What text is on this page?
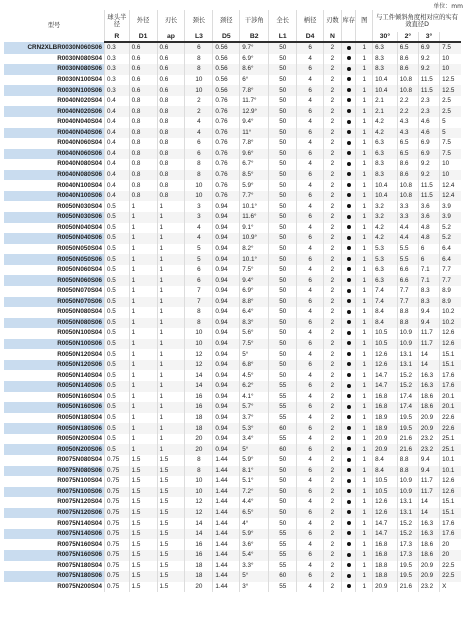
单位：mm
型号	球头半径	外径	刃长	颈长	颈径	干涉角	全长	柄径	刃数	库存	图	与工件倾斜角度相对应的实有效直径D			
	R	D1	ap	L3	D5	B2	L1	D4	N			30°	2°	3°	
CRN2XLBR0030N060S06	0.3	0.6	0.6	6	0.56	9.7°	50	6	2		1	6.3	6.5	6.9	7.5
R0030N080S04	0.3	0.6	0.6	8	0.56	6.9°	50	4	2		1	8.3	8.6	9.2	10
R0030N080S06	0.3	0.6	0.6	8	0.56	8.6°	50	6	2		1	8.3	8.6	9.2	10
R0030N100S04	0.3	0.6	0.6	10	0.56	6°	50	4	2		1	10.4	10.8	11.5	12.5
R0030N100S06	0.3	0.6	0.6	10	0.56	7.8°	50	6	2		1	10.4	10.8	11.5	12.5
R0040N020S04	0.4	0.8	0.8	2	0.76	11.7°	50	4	2		1	2.1	2.2	2.3	2.5
R0040N020S06	0.4	0.8	0.8	2	0.76	12.9°	50	6	2		1	2.1	2.2	2.3	2.5
R0040N040S04	0.4	0.8	0.8	4	0.76	9.4°	50	4	2		1	4.2	4.3	4.6	5
R0040N040S06	0.4	0.8	0.8	4	0.76	11°	50	6	2		1	4.2	4.3	4.6	5
R0040N060S04	0.4	0.8	0.8	6	0.76	7.8°	50	4	2		1	6.3	6.5	6.9	7.5
R0040N060S06	0.4	0.8	0.8	6	0.76	9.6°	50	6	2		1	6.3	6.5	6.9	7.5
R0040N080S04	0.4	0.8	0.8	8	0.76	6.7°	50	4	2		1	8.3	8.6	9.2	10
R0040N080S06	0.4	0.8	0.8	8	0.76	8.5°	50	6	2		1	8.3	8.6	9.2	10
R0040N100S04	0.4	0.8	0.8	10	0.76	5.9°	50	4	2		1	10.4	10.8	11.5	12.4
R0040N100S06	0.4	0.8	0.8	10	0.76	7.7°	50	6	2		1	10.4	10.8	11.5	12.4
R0050N030S04	0.5	1	1	3	0.94	10.1°	50	4	2		1	3.2	3.3	3.6	3.9
R0050N030S06	0.5	1	1	3	0.94	11.6°	50	6	2		1	3.2	3.3	3.6	3.9
R0050N040S04	0.5	1	1	4	0.94	9.1°	50	4	2		1	4.2	4.4	4.8	5.2
R0050N040S06	0.5	1	1	4	0.94	10.9°	50	6	2		1	4.2	4.4	4.8	5.2
R0050N050S04	0.5	1	1	5	0.94	8.2°	50	4	2		1	5.3	5.5	6	6.4
R0050N050S06	0.5	1	1	5	0.94	10.1°	50	6	2		1	5.3	5.5	6	6.4
R0050N060S04	0.5	1	1	6	0.94	7.5°	50	4	2		1	6.3	6.6	7.1	7.7
R0050N060S06	0.5	1	1	6	0.94	9.4°	50	6	2		1	6.3	6.6	7.1	7.7
R0050N070S04	0.5	1	1	7	0.94	6.9°	50	4	2		1	7.4	7.7	8.3	8.9
R0050N070S06	0.5	1	1	7	0.94	8.8°	50	6	2		1	7.4	7.7	8.3	8.9
R0050N080S04	0.5	1	1	8	0.94	6.4°	50	4	2		1	8.4	8.8	9.4	10.2
R0050N080S06	0.5	1	1	8	0.94	8.3°	50	6	2		1	8.4	8.8	9.4	10.2
R0050N100S04	0.5	1	1	10	0.94	5.6°	50	4	2		1	10.5	10.9	11.7	12.6
R0050N100S06	0.5	1	1	10	0.94	7.5°	50	6	2		1	10.5	10.9	11.7	12.6
R0050N120S04	0.5	1	1	12	0.94	5°	50	4	2		1	12.6	13.1	14	15.1
R0050N120S06	0.5	1	1	12	0.94	6.8°	50	6	2		1	12.6	13.1	14	15.1
R0050N140S04	0.5	1	1	14	0.94	4.5°	50	4	2		1	14.7	15.2	16.3	17.6
R0050N140S06	0.5	1	1	14	0.94	6.2°	55	6	2		1	14.7	15.2	16.3	17.6
R0050N160S04	0.5	1	1	16	0.94	4.1°	55	4	2		1	16.8	17.4	18.6	20.1
R0050N160S06	0.5	1	1	16	0.94	5.7°	55	6	2		1	16.8	17.4	18.6	20.1
R0050N180S04	0.5	1	1	18	0.94	3.7°	55	4	2		1	18.9	19.5	20.9	22.6
R0050N180S06	0.5	1	1	18	0.94	5.3°	60	6	2		1	18.9	19.5	20.9	22.6
R0050N200S04	0.5	1	1	20	0.94	3.4°	55	4	2		1	20.9	21.6	23.2	25.1
R0050N200S06	0.5	1	1	20	0.94	5°	60	6	2		1	20.9	21.6	23.2	25.1
R0075N080S04	0.75	1.5	1.5	8	1.44	5.9°	50	4	2		1	8.4	8.8	9.4	10.1
R0075N080S06	0.75	1.5	1.5	8	1.44	8.1°	50	6	2		1	8.4	8.8	9.4	10.1
R0075N100S04	0.75	1.5	1.5	10	1.44	5.1°	50	4	2		1	10.5	10.9	11.7	12.6
R0075N100S06	0.75	1.5	1.5	10	1.44	7.2°	50	6	2		1	10.5	10.9	11.7	12.6
R0075N120S04	0.75	1.5	1.5	12	1.44	4.4°	50	4	2		1	12.6	13.1	14	15.1
R0075N120S06	0.75	1.5	1.5	12	1.44	6.5°	50	6	2		1	12.6	13.1	14	15.1
R0075N140S04	0.75	1.5	1.5	14	1.44	4°	50	4	2		1	14.7	15.2	16.3	17.6
R0075N140S06	0.75	1.5	1.5	14	1.44	5.9°	55	6	2		1	14.7	15.2	16.3	17.6
R0075N160S04	0.75	1.5	1.5	16	1.44	3.6°	55	4	2		1	16.8	17.3	18.6	20
R0075N160S06	0.75	1.5	1.5	16	1.44	5.4°	55	6	2		1	16.8	17.3	18.6	20
R0075N180S04	0.75	1.5	1.5	18	1.44	3.3°	55	4	2		1	18.8	19.5	20.9	22.5
R0075N180S06	0.75	1.5	1.5	18	1.44	5°	60	6	2		1	18.8	19.5	20.9	22.5
R0075N200S04	0.75	1.5	1.5	20	1.44	3°	55	4	2		1	20.9	21.6	23.2	X
